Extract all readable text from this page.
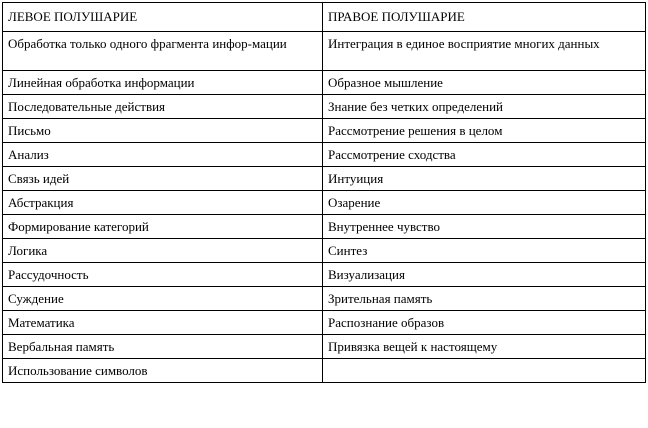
ЛЕВОЕ ПОЛУШАРИЕ	ПРАВОЕ ПОЛУШАРИЕ
Обработка только одного фрагмента инфор-мации	Интеграция в единое восприятие многих данных
Линейная обработка информации	Образное мышление
Последовательные действия	Знание без четких определений
Письмо	Рассмотрение решения в целом
Анализ	Рассмотрение сходства
Связь идей	Интуиция
Абстракция	Озарение
Формирование категорий	Внутреннее чувство
Логика	Синтез
Рассудочность	Визуализация
Суждение	Зрительная память
Математика	Распознание образов
Вербальная память	Привязка вещей к настоящему
Использование символов	
